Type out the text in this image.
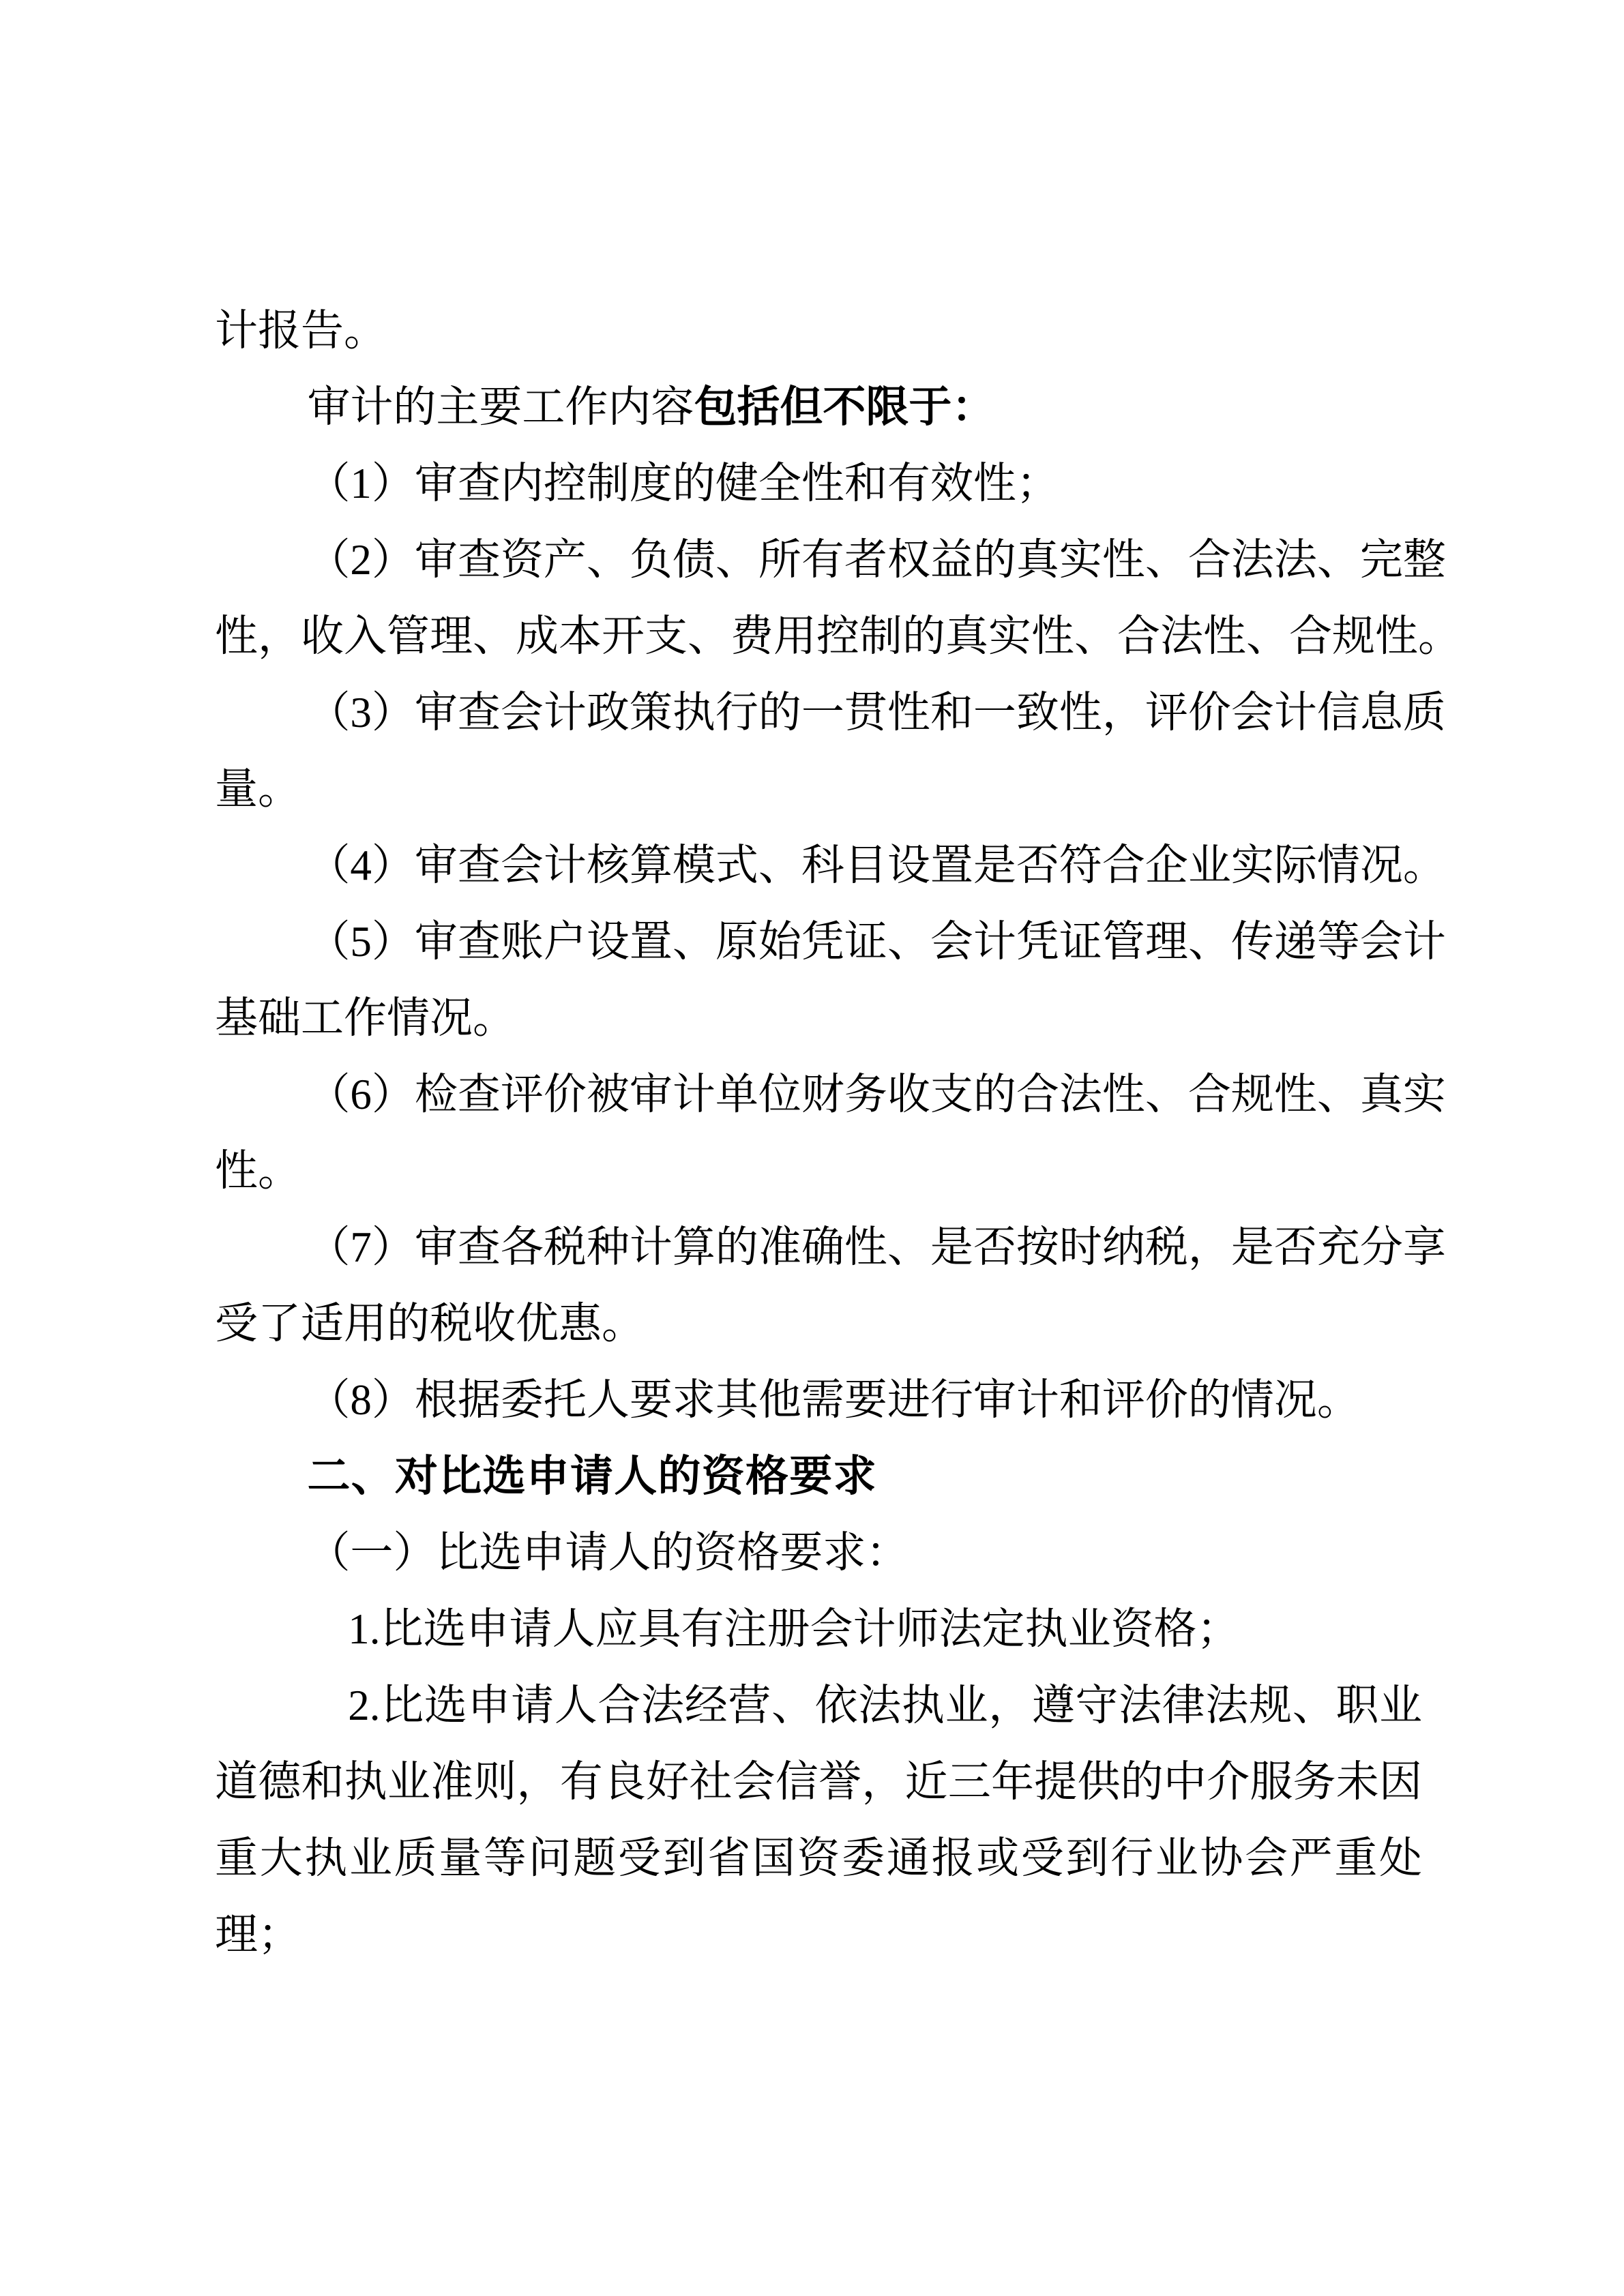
计报告。
审计的主要工作内容包括但不限于：
（1）审查内控制度的健全性和有效性；
（2）审查资产、负债、所有者权益的真实性、合法法、完整
性，收入管理、成本开支、费用控制的真实性、合法性、合规性。
（3）审查会计政策执行的一贯性和一致性，评价会计信息质
量。
（4）审查会计核算模式、科目设置是否符合企业实际情况。
（5）审查账户设置、原始凭证、会计凭证管理、传递等会计
基础工作情况。
（6）检查评价被审计单位财务收支的合法性、合规性、真实
性。
（7）审查各税种计算的准确性、是否按时纳税，是否充分享
受了适用的税收优惠。
（8）根据委托人要求其他需要进行审计和评价的情况。
二、对比选申请人的资格要求
（一）比选申请人的资格要求：
1.比选申请人应具有注册会计师法定执业资格；
2.比选申请人合法经营、依法执业，遵守法律法规、职业
道德和执业准则，有良好社会信誉，近三年提供的中介服务未因
重大执业质量等问题受到省国资委通报或受到行业协会严重处
理；
